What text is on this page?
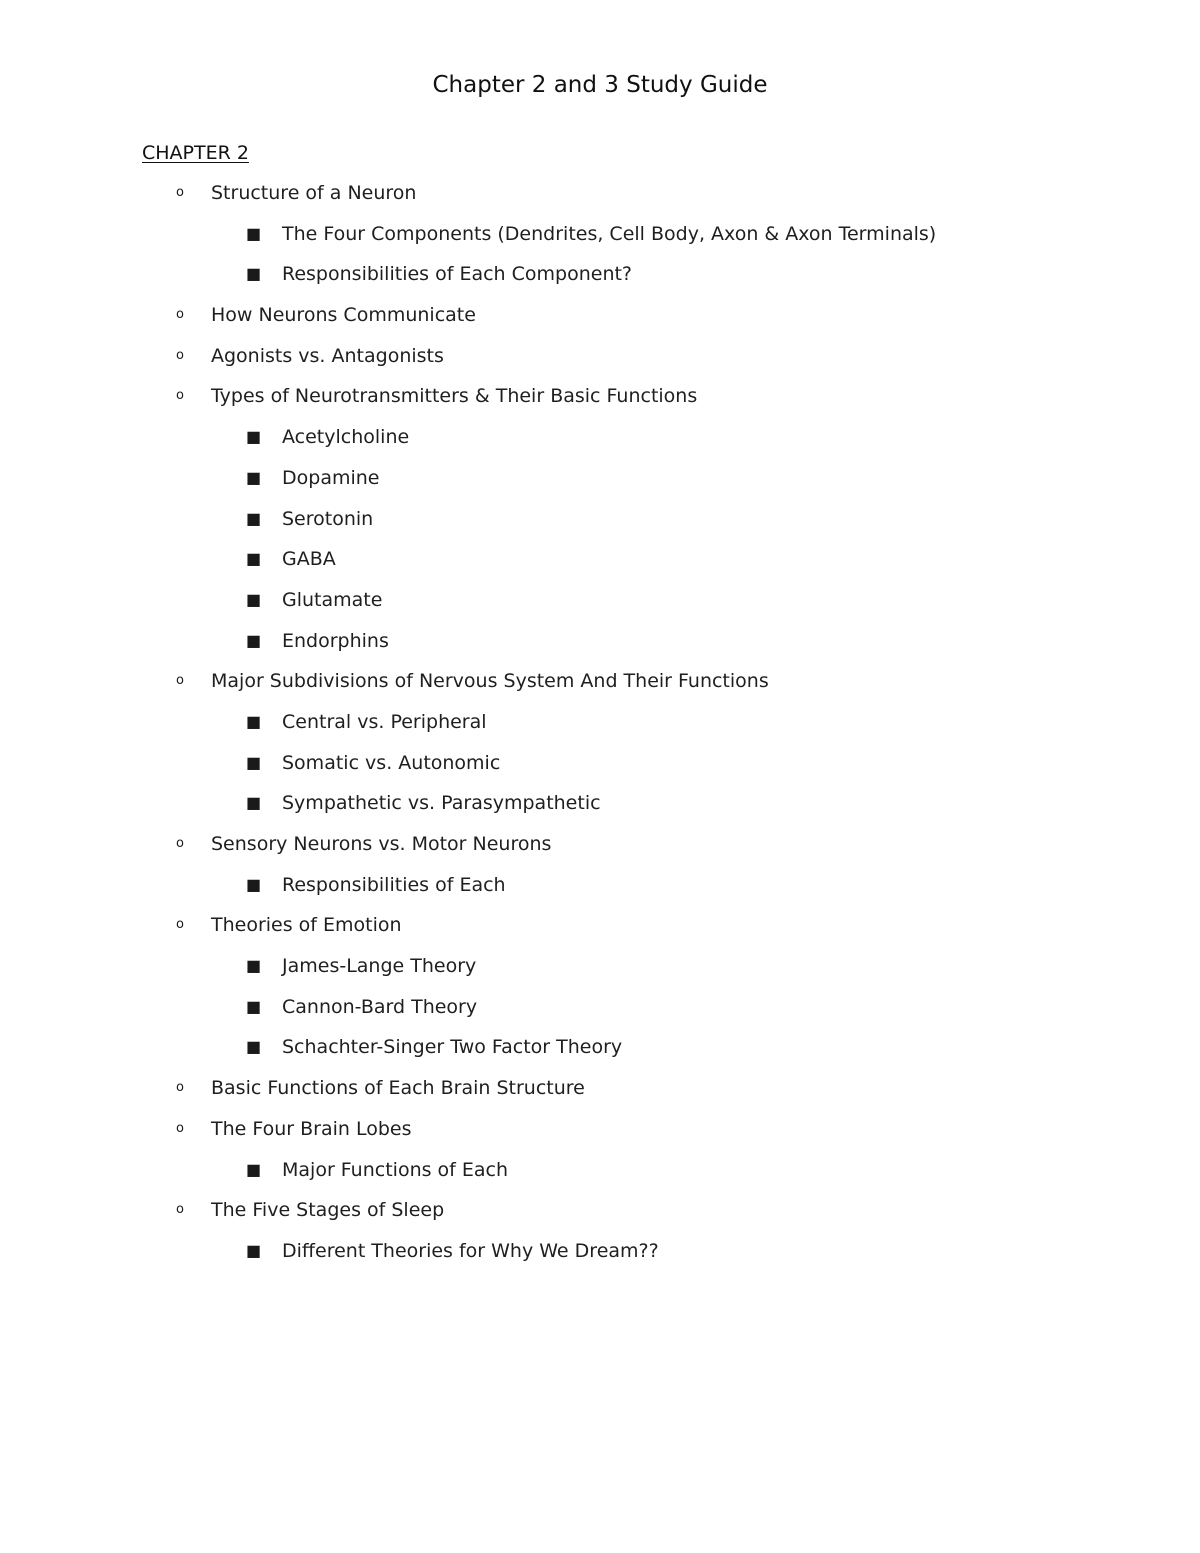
Chapter 2 and 3 Study Guide
CHAPTER 2
o Structure of a Neuron
■ The Four Components (Dendrites, Cell Body, Axon & Axon Terminals)
■ Responsibilities of Each Component?
o How Neurons Communicate
o Agonists vs. Antagonists
o Types of Neurotransmitters & Their Basic Functions
■ Acetylcholine
■ Dopamine
■ Serotonin
■ GABA
■ Glutamate
■ Endorphins
o Major Subdivisions of Nervous System And Their Functions
■ Central vs. Peripheral
■ Somatic vs. Autonomic
■ Sympathetic vs. Parasympathetic
o Sensory Neurons vs. Motor Neurons
■ Responsibilities of Each
o Theories of Emotion
■ James-Lange Theory
■ Cannon-Bard Theory
■ Schachter-Singer Two Factor Theory
o Basic Functions of Each Brain Structure
o The Four Brain Lobes
■ Major Functions of Each
o The Five Stages of Sleep
■ Different Theories for Why We Dream??
